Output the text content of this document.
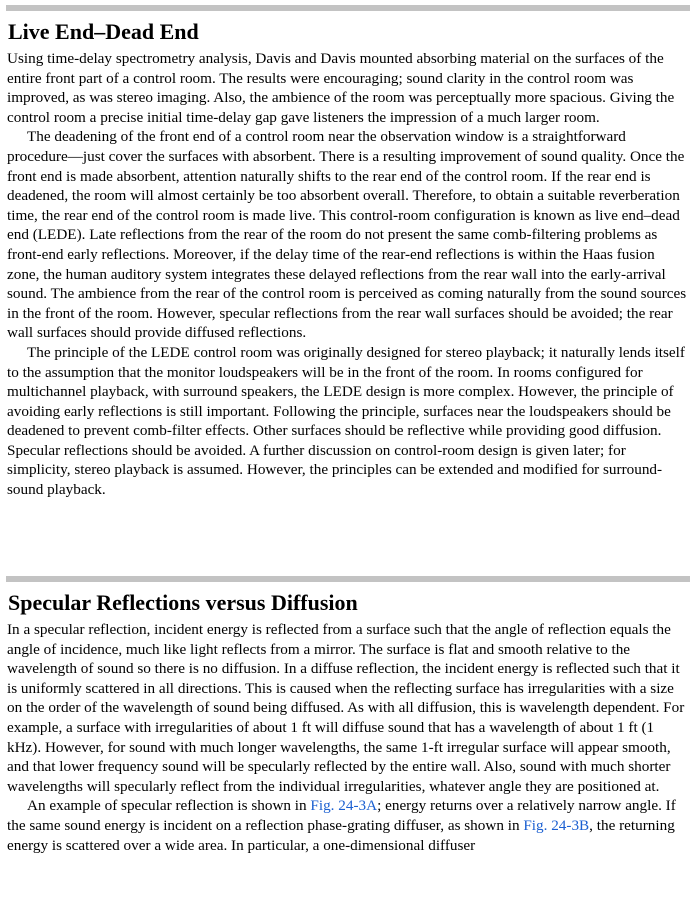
Live End–Dead End

Using time-delay spectrometry analysis, Davis and Davis mounted absorbing material on the surfaces of the entire front part of a control room. The results were encouraging; sound clarity in the control room was improved, as was stereo imaging. Also, the ambience of the room was perceptually more spacious. Giving the control room a precise initial time-delay gap gave listeners the impression of a much larger room.

The deadening of the front end of a control room near the observation window is a straightforward procedure—just cover the surfaces with absorbent. There is a resulting improvement of sound quality. Once the front end is made absorbent, attention naturally shifts to the rear end of the control room. If the rear end is deadened, the room will almost certainly be too absorbent overall. Therefore, to obtain a suitable reverberation time, the rear end of the control room is made live. This control-room configuration is known as live end–dead end (LEDE). Late reflections from the rear of the room do not present the same comb-filtering problems as front-end early reflections. Moreover, if the delay time of the rear-end reflections is within the Haas fusion zone, the human auditory system integrates these delayed reflections from the rear wall into the early-arrival sound. The ambience from the rear of the control room is perceived as coming naturally from the sound sources in the front of the room. However, specular reflections from the rear wall surfaces should be avoided; the rear wall surfaces should provide diffused reflections.

The principle of the LEDE control room was originally designed for stereo playback; it naturally lends itself to the assumption that the monitor loudspeakers will be in the front of the room. In rooms configured for multichannel playback, with surround speakers, the LEDE design is more complex. However, the principle of avoiding early reflections is still important. Following the principle, surfaces near the loudspeakers should be deadened to prevent comb-filter effects. Other surfaces should be reflective while providing good diffusion. Specular reflections should be avoided. A further discussion on control-room design is given later; for simplicity, stereo playback is assumed. However, the principles can be extended and modified for surround-sound playback.

Specular Reflections versus Diffusion

In a specular reflection, incident energy is reflected from a surface such that the angle of reflection equals the angle of incidence, much like light reflects from a mirror. The surface is flat and smooth relative to the wavelength of sound so there is no diffusion. In a diffuse reflection, the incident energy is reflected such that it is uniformly scattered in all directions. This is caused when the reflecting surface has irregularities with a size on the order of the wavelength of sound being diffused. As with all diffusion, this is wavelength dependent. For example, a surface with irregularities of about 1 ft will diffuse sound that has a wavelength of about 1 ft (1 kHz). However, for sound with much longer wavelengths, the same 1-ft irregular surface will appear smooth, and that lower frequency sound will be specularly reflected by the entire wall. Also, sound with much shorter wavelengths will specularly reflect from the individual irregularities, whatever angle they are positioned at.

An example of specular reflection is shown in Fig. 24-3A; energy returns over a relatively narrow angle. If the same sound energy is incident on a reflection phase-grating diffuser, as shown in Fig. 24-3B, the returning energy is scattered over a wide area. In particular, a one-dimensional diffuser
